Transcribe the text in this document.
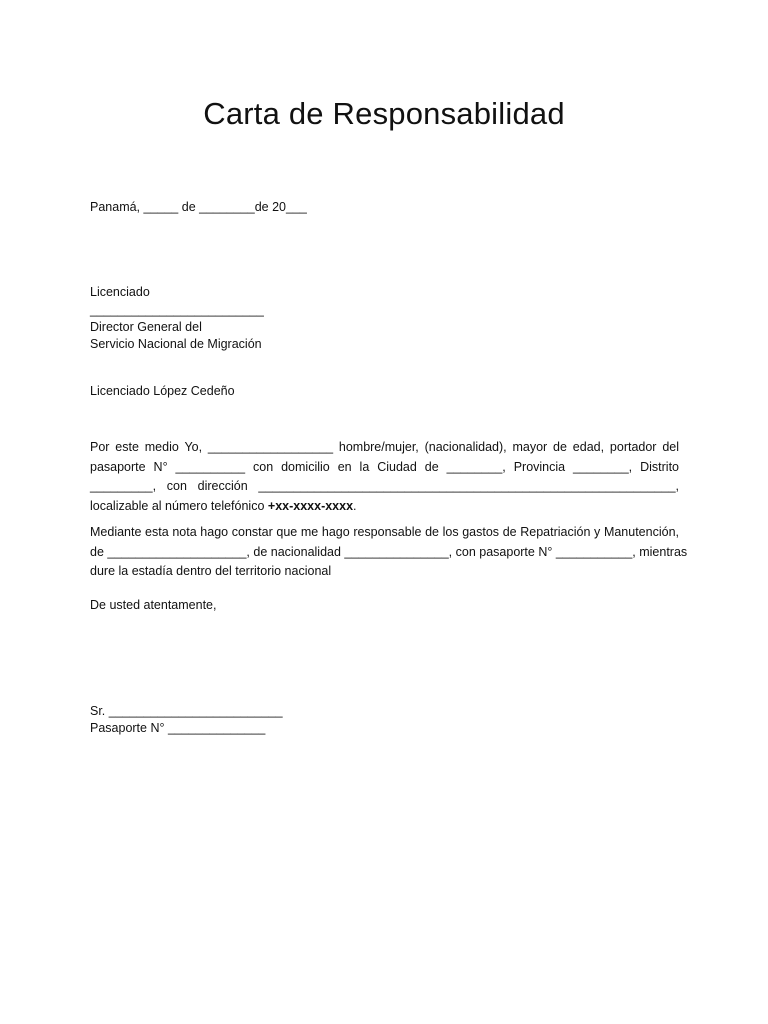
Carta de Responsabilidad
Panamá, _____ de ________de 20___
Licenciado
_________________________
Director General del
Servicio Nacional de Migración
Licenciado López Cedeño
Por este medio Yo, __________________ hombre/mujer, (nacionalidad), mayor de edad, portador del
pasaporte N° __________ con domicilio en la Ciudad de ________, Provincia ________, Distrito
_________, con dirección ____________________________________________________________,
localizable al número telefónico +xx-xxxx-xxxx.
Mediante esta nota hago constar que me hago responsable de los gastos de Repatriación y Manutención,
de ____________________, de nacionalidad _______________, con pasaporte N° ___________, mientras
dure la estadía dentro del territorio nacional
De usted atentamente,
Sr. _________________________
Pasaporte N° ______________
